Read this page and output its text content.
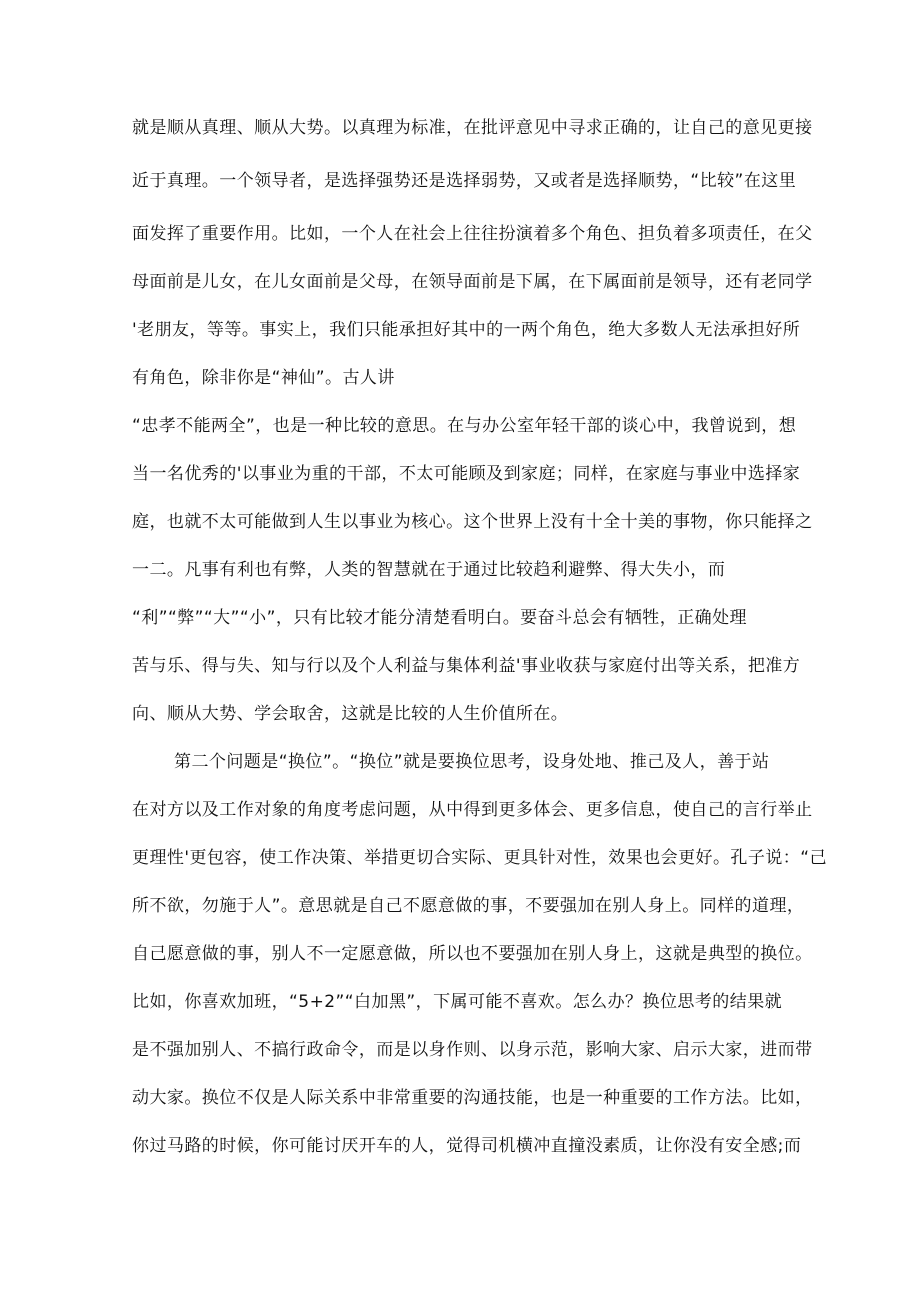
就是顺从真理、顺从大势。以真理为标准，在批评意见中寻求正确的，让自己的意见更接
近于真理。一个领导者，是选择强势还是选择弱势，又或者是选择顺势，“比较”在这里
面发挥了重要作用。比如，一个人在社会上往往扮演着多个角色、担负着多项责任，在父
母面前是儿女，在儿女面前是父母，在领导面前是下属，在下属面前是领导，还有老同学
'老朋友，等等。事实上，我们只能承担好其中的一两个角色，绝大多数人无法承担好所
有角色，除非你是“神仙”。古人讲
“忠孝不能两全”，也是一种比较的意思。在与办公室年轻干部的谈心中，我曾说到，想
当一名优秀的'以事业为重的干部，不太可能顾及到家庭；同样，在家庭与事业中选择家
庭，也就不太可能做到人生以事业为核心。这个世界上没有十全十美的事物，你只能择之
一二。凡事有利也有弊，人类的智慧就在于通过比较趋利避弊、得大失小，而
“利”“弊”“大”“小”，只有比较才能分清楚看明白。要奋斗总会有牺牲，正确处理
苦与乐、得与失、知与行以及个人利益与集体利益'事业收获与家庭付出等关系，把准方
向、顺从大势、学会取舍，这就是比较的人生价值所在。
第二个问题是“换位”。“换位”就是要换位思考，设身处地、推己及人，善于站
在对方以及工作对象的角度考虑问题，从中得到更多体会、更多信息，使自己的言行举止
更理性'更包容，使工作决策、举措更切合实际、更具针对性，效果也会更好。孔子说：“己
所不欲，勿施于人”。意思就是自己不愿意做的事，不要强加在别人身上。同样的道理，
自己愿意做的事，别人不一定愿意做，所以也不要强加在别人身上，这就是典型的换位。
比如，你喜欢加班，“5+2”“白加黑”，下属可能不喜欢。怎么办？换位思考的结果就
是不强加别人、不搞行政命令，而是以身作则、以身示范，影响大家、启示大家，进而带
动大家。换位不仅是人际关系中非常重要的沟通技能，也是一种重要的工作方法。比如，
你过马路的时候，你可能讨厌开车的人，觉得司机横冲直撞没素质，让你没有安全感;而
